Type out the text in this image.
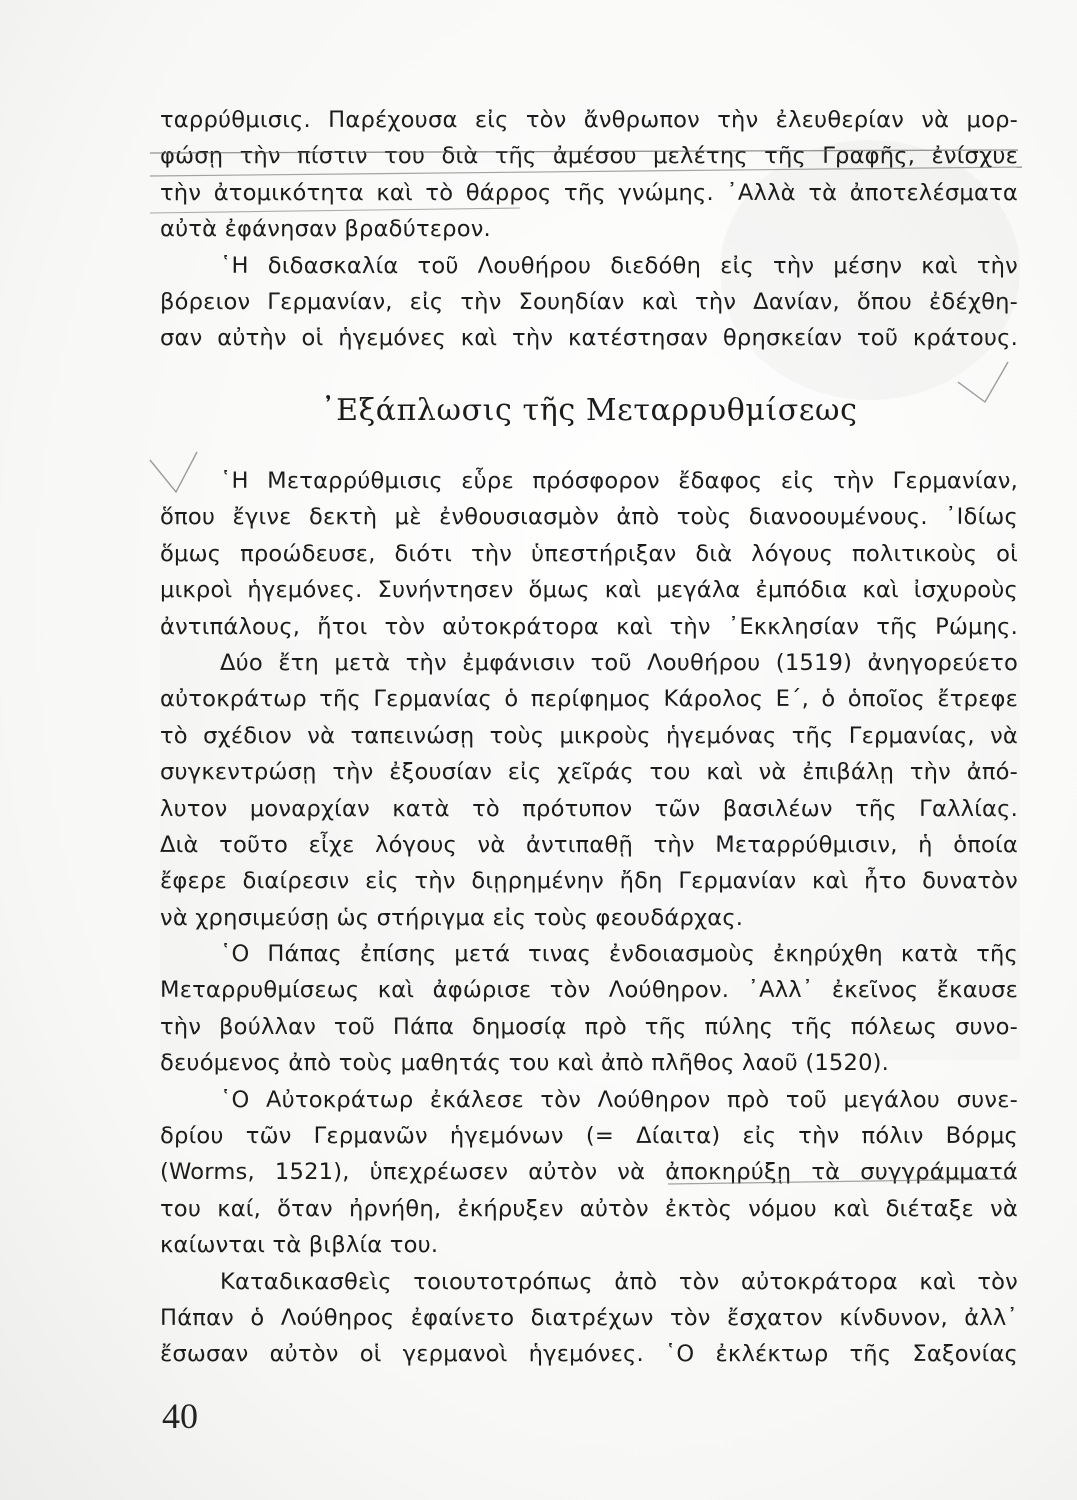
ταρρύθμισις. Παρέχουσα εἰς τὸν ἄνθρωπον τὴν ἐλευθερίαν νὰ μορ-
φώσῃ τὴν πίστιν του διὰ τῆς ἀμέσου μελέτης τῆς Γραφῆς, ἐνίσχυε
τὴν ἀτομικότητα καὶ τὸ θάρρος τῆς γνώμης. ᾿Αλλὰ τὰ ἀποτελέσματα
αὐτὰ ἐφάνησαν βραδύτερον.
῾Η διδασκαλία τοῦ Λουθήρου διεδόθη εἰς τὴν μέσην καὶ τὴν
βόρειον Γερμανίαν, εἰς τὴν Σουηδίαν καὶ τὴν Δανίαν, ὅπου ἐδέχθη-
σαν αὐτὴν οἱ ἡγεμόνες καὶ τὴν κατέστησαν θρησκείαν τοῦ κράτους.
᾿Εξάπλωσις τῆς Μεταρρυθμίσεως
῾Η Μεταρρύθμισις εὗρε πρόσφορον ἔδαφος εἰς τὴν Γερμανίαν,
ὅπου ἔγινε δεκτὴ μὲ ἐνθουσιασμὸν ἀπὸ τοὺς διανοουμένους. ᾿Ιδίως
ὅμως προώδευσε, διότι τὴν ὑπεστήριξαν διὰ λόγους πολιτικοὺς οἱ
μικροὶ ἡγεμόνες. Συνήντησεν ὅμως καὶ μεγάλα ἐμπόδια καὶ ἰσχυροὺς
ἀντιπάλους, ἤτοι τὸν αὐτοκράτορα καὶ τὴν ᾿Εκκλησίαν τῆς Ρώμης.
Δύο ἔτη μετὰ τὴν ἐμφάνισιν τοῦ Λουθήρου (1519) ἀνηγορεύετο
αὐτοκράτωρ τῆς Γερμανίας ὁ περίφημος Κάρολος Ε΄, ὁ ὁποῖος ἔτρεφε
τὸ σχέδιον νὰ ταπεινώσῃ τοὺς μικροὺς ἡγεμόνας τῆς Γερμανίας, νὰ
συγκεντρώσῃ τὴν ἐξουσίαν εἰς χεῖράς του καὶ νὰ ἐπιβάλῃ τὴν ἀπό-
λυτον μοναρχίαν κατὰ τὸ πρότυπον τῶν βασιλέων τῆς Γαλλίας.
Διὰ τοῦτο εἶχε λόγους νὰ ἀντιπαθῇ τὴν Μεταρρύθμισιν, ἡ ὁποία
ἔφερε διαίρεσιν εἰς τὴν διῃρημένην ἤδη Γερμανίαν καὶ ἦτο δυνατὸν
νὰ χρησιμεύσῃ ὡς στήριγμα εἰς τοὺς φεουδάρχας.
῾Ο Πάπας ἐπίσης μετά τινας ἐνδοιασμοὺς ἐκηρύχθη κατὰ τῆς
Μεταρρυθμίσεως καὶ ἀφώρισε τὸν Λούθηρον. ᾿Αλλ᾿ ἐκεῖνος ἔκαυσε
τὴν βούλλαν τοῦ Πάπα δημοσίᾳ πρὸ τῆς πύλης τῆς πόλεως συνο-
δευόμενος ἀπὸ τοὺς μαθητάς του καὶ ἀπὸ πλῆθος λαοῦ (1520).
῾Ο Αὐτοκράτωρ ἐκάλεσε τὸν Λούθηρον πρὸ τοῦ μεγάλου συνε-
δρίου τῶν Γερμανῶν ἡγεμόνων (= Δίαιτα) εἰς τὴν πόλιν Βόρμς
(Worms, 1521), ὑπεχρέωσεν αὐτὸν νὰ ἀποκηρύξῃ τὰ συγγράμματά
του καί, ὅταν ἠρνήθη, ἐκήρυξεν αὐτὸν ἐκτὸς νόμου καὶ διέταξε νὰ
καίωνται τὰ βιβλία του.
Καταδικασθεὶς τοιουτοτρόπως ἀπὸ τὸν αὐτοκράτορα καὶ τὸν
Πάπαν ὁ Λούθηρος ἐφαίνετο διατρέχων τὸν ἔσχατον κίνδυνον, ἀλλ᾿
ἔσωσαν αὐτὸν οἱ γερμανοὶ ἡγεμόνες. ῾Ο ἐκλέκτωρ τῆς Σαξονίας
40
